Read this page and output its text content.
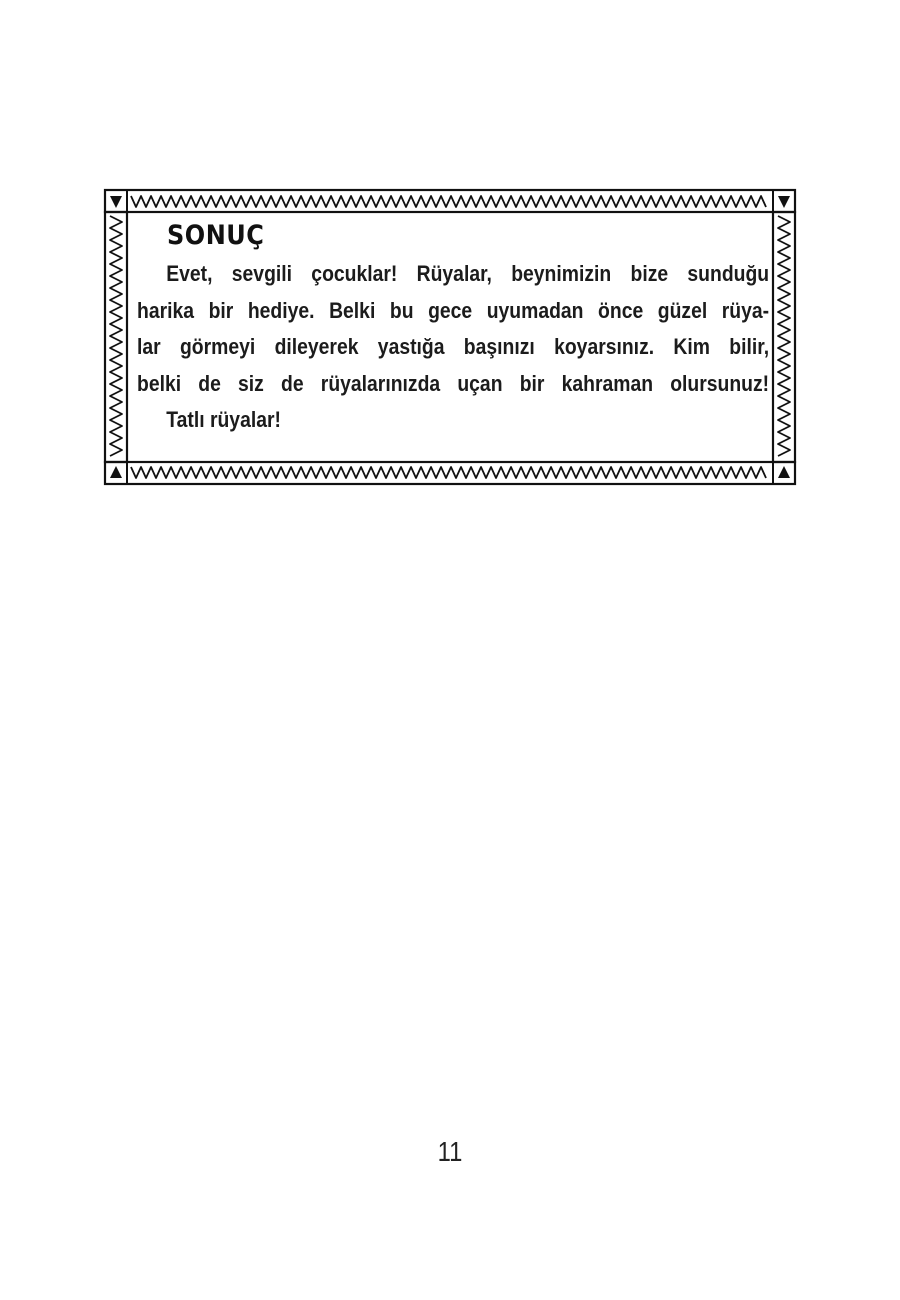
SONUÇ

Evet, sevgili çocuklar! Rüyalar, beynimizin bize sunduğu
harika bir hediye. Belki bu gece uyumadan önce güzel rüya-
lar görmeyi dileyerek yastığa başınızı koyarsınız. Kim bilir,
belki de siz de rüyalarınızda uçan bir kahraman olursunuz!
Tatlı rüyalar!

11
